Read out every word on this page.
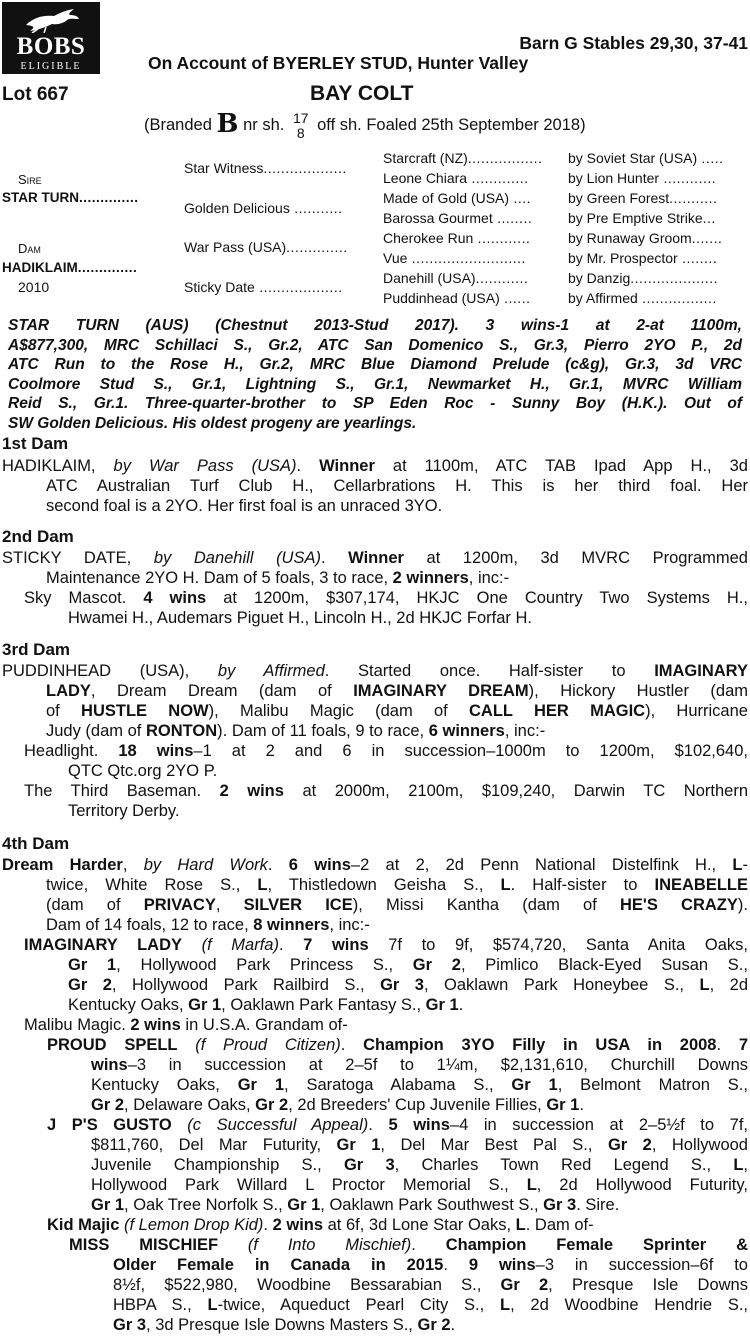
BOBS
ELIGIBLE
Barn G Stables 29,30, 37-41
On Account of BYERLEY STUD, Hunter Valley
Lot 667	BAY COLT
(Branded B nr sh. 17
8 off sh. Foaled 25th September 2018)
Sire
STAR TURN..............
Dam
HADIKLAIM..............
2010
Star Witness...................
Golden Delicious ...........
War Pass (USA)..............
Sticky Date ...................
Starcraft (NZ).................
Leone Chiara .............
Made of Gold (USA) ....
Barossa Gourmet ........
Cherokee Run ............
Vue ..........................
Danehill (USA)............
Puddinhead (USA) ......
by Soviet Star (USA) .....
by Lion Hunter ............
by Green Forest...........
by Pre Emptive Strike...
by Runaway Groom.......
by Mr. Prospector ........
by Danzig....................
by Affirmed .................
STAR TURN (AUS) (Chestnut 2013-Stud 2017). 3 wins-1 at 2-at 1100m,
A$877,300, MRC Schillaci S., Gr.2, ATC San Domenico S., Gr.3, Pierro 2YO P., 2d
ATC Run to the Rose H., Gr.2, MRC Blue Diamond Prelude (c&g), Gr.3, 3d VRC
Coolmore Stud S., Gr.1, Lightning S., Gr.1, Newmarket H., Gr.1, MVRC William
Reid S., Gr.1. Three-quarter-brother to SP Eden Roc - Sunny Boy (H.K.). Out of
SW Golden Delicious. His oldest progeny are yearlings.
1st Dam
HADIKLAIM, by War Pass (USA). Winner at 1100m, ATC TAB Ipad App H., 3d
ATC Australian Turf Club H., Cellarbrations H. This is her third foal. Her
second foal is a 2YO. Her first foal is an unraced 3YO.
2nd Dam
STICKY DATE, by Danehill (USA). Winner at 1200m, 3d MVRC Programmed
Maintenance 2YO H. Dam of 5 foals, 3 to race, 2 winners, inc:-
Sky Mascot. 4 wins at 1200m, $307,174, HKJC One Country Two Systems H.,
Hwamei H., Audemars Piguet H., Lincoln H., 2d HKJC Forfar H.
3rd Dam
PUDDINHEAD (USA), by Affirmed. Started once. Half-sister to IMAGINARY
LADY, Dream Dream (dam of IMAGINARY DREAM), Hickory Hustler (dam
of HUSTLE NOW), Malibu Magic (dam of CALL HER MAGIC), Hurricane
Judy (dam of RONTON). Dam of 11 foals, 9 to race, 6 winners, inc:-
Headlight. 18 wins–1 at 2 and 6 in succession–1000m to 1200m, $102,640,
QTC Qtc.org 2YO P.
The Third Baseman. 2 wins at 2000m, 2100m, $109,240, Darwin TC Northern
Territory Derby.
4th Dam
Dream Harder, by Hard Work. 6 wins–2 at 2, 2d Penn National Distelfink H., L-
twice, White Rose S., L, Thistledown Geisha S., L. Half-sister to INEABELLE
(dam of PRIVACY, SILVER ICE), Missi Kantha (dam of HE'S CRAZY).
Dam of 14 foals, 12 to race, 8 winners, inc:-
IMAGINARY LADY (f Marfa). 7 wins 7f to 9f, $574,720, Santa Anita Oaks,
Gr 1, Hollywood Park Princess S., Gr 2, Pimlico Black-Eyed Susan S.,
Gr 2, Hollywood Park Railbird S., Gr 3, Oaklawn Park Honeybee S., L, 2d
Kentucky Oaks, Gr 1, Oaklawn Park Fantasy S., Gr 1.
Malibu Magic. 2 wins in U.S.A. Grandam of-
PROUD SPELL (f Proud Citizen). Champion 3YO Filly in USA in 2008. 7
wins–3 in succession at 2–5f to 1¼m, $2,131,610, Churchill Downs
Kentucky Oaks, Gr 1, Saratoga Alabama S., Gr 1, Belmont Matron S.,
Gr 2, Delaware Oaks, Gr 2, 2d Breeders' Cup Juvenile Fillies, Gr 1.
J P'S GUSTO (c Successful Appeal). 5 wins–4 in succession at 2–5½f to 7f,
$811,760, Del Mar Futurity, Gr 1, Del Mar Best Pal S., Gr 2, Hollywood
Juvenile Championship S., Gr 3, Charles Town Red Legend S., L,
Hollywood Park Willard L Proctor Memorial S., L, 2d Hollywood Futurity,
Gr 1, Oak Tree Norfolk S., Gr 1, Oaklawn Park Southwest S., Gr 3. Sire.
Kid Majic (f Lemon Drop Kid). 2 wins at 6f, 3d Lone Star Oaks, L. Dam of-
MISS MISCHIEF (f Into Mischief). Champion Female Sprinter &
Older Female in Canada in 2015. 9 wins–3 in succession–6f to
8½f, $522,980, Woodbine Bessarabian S., Gr 2, Presque Isle Downs
HBPA S., L-twice, Aqueduct Pearl City S., L, 2d Woodbine Hendrie S.,
Gr 3, 3d Presque Isle Downs Masters S., Gr 2.
